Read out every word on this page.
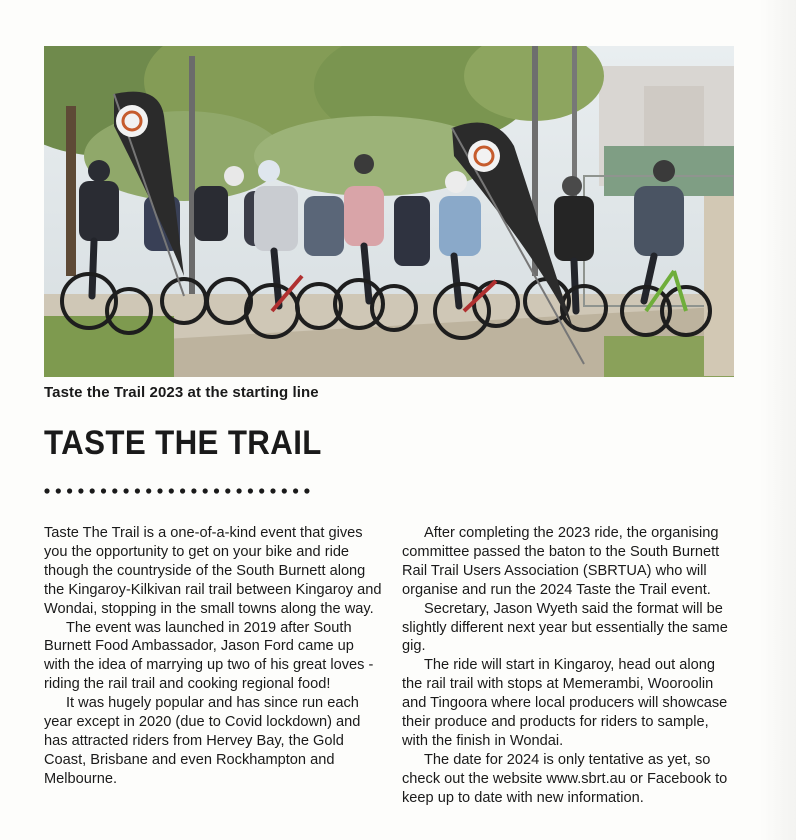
Taste the Trail 2023 at the starting line
TASTE THE TRAIL

Taste The Trail is a one-of-a-kind event that gives you the opportunity to get on your bike and ride though the countryside of the South Burnett along the Kingaroy-Kilkivan rail trail between Kingaroy and Wondai, stopping in the small towns along the way.

The event was launched in 2019 after South Burnett Food Ambassador, Jason Ford came up with the idea of marrying up two of his great loves - riding the rail trail and cooking regional food!

It was hugely popular and has since run each year except in 2020 (due to Covid lockdown) and has attracted riders from Hervey Bay, the Gold Coast, Brisbane and even Rockhampton and Melbourne.

After completing the 2023 ride, the organising committee passed the baton to the South Burnett Rail Trail Users Association (SBRTUA) who will organise and run the 2024 Taste the Trail event.

Secretary, Jason Wyeth said the format will be slightly different next year but essentially the same gig.

The ride will start in Kingaroy, head out along the rail trail with stops at Memerambi, Wooroolin and Tingoora where local producers will showcase their produce and products for riders to sample, with the finish in Wondai.

The date for 2024 is only tentative as yet, so check out the website www.sbrt.au or Facebook to keep up to date with new information.
